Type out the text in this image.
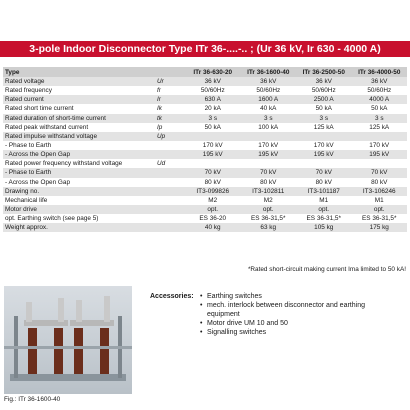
3-pole Indoor Disconnector Type ITr 36-....-.. ; (Ur 36 kV, Ir 630 - 4000 A)
Type		ITr 36-630-20	ITr 36-1600-40	ITr 36-2500-50	ITr 36-4000-50
Rated voltage	Ur	36 kV	36 kV	36 kV	36 kV
Rated frequency	fr	50/60Hz	50/60Hz	50/60Hz	50/60Hz
Rated current	Ir	630 A	1600 A	2500 A	4000 A
Rated short time current	Ik	20 kA	40 kA	50 kA	50 kA
Rated duration of short-time current	tk	3 s	3 s	3 s	3 s
Rated peak withstand current	Ip	50 kA	100 kA	125 kA	125 kA
Rated impulse withstand voltage	Up				
- Phase to Earth		170 kV	170 kV	170 kV	170 kV
- Across the Open Gap		195 kV	195 kV	195 kV	195 kV
Rated power frequency withstand voltage	Ud				
- Phase to Earth		70 kV	70 kV	70 kV	70 kV
- Across the Open Gap		80 kV	80 kV	80 kV	80 kV
Drawing no.		IT3-099826	IT3-102811	IT3-101187	IT3-106246
Mechanical life		M2	M2	M1	M1
Motor drive		opt.	opt.	opt.	opt.
opt. Earthing switch (see page 5)		ES 36-20	ES 36-31,5*	ES 36-31,5*	ES 36-31,5*
Weight approx.		40 kg	63 kg	105 kg	175 kg
*Rated short-circuit making current Ima limited to 50 kA!
Fig.: ITr 36-1600-40
Accessories:	• Earthing switches
• mech. interlock between disconnector and earthing equipment
• Motor drive UM 10 and 50
• Signalling switches
